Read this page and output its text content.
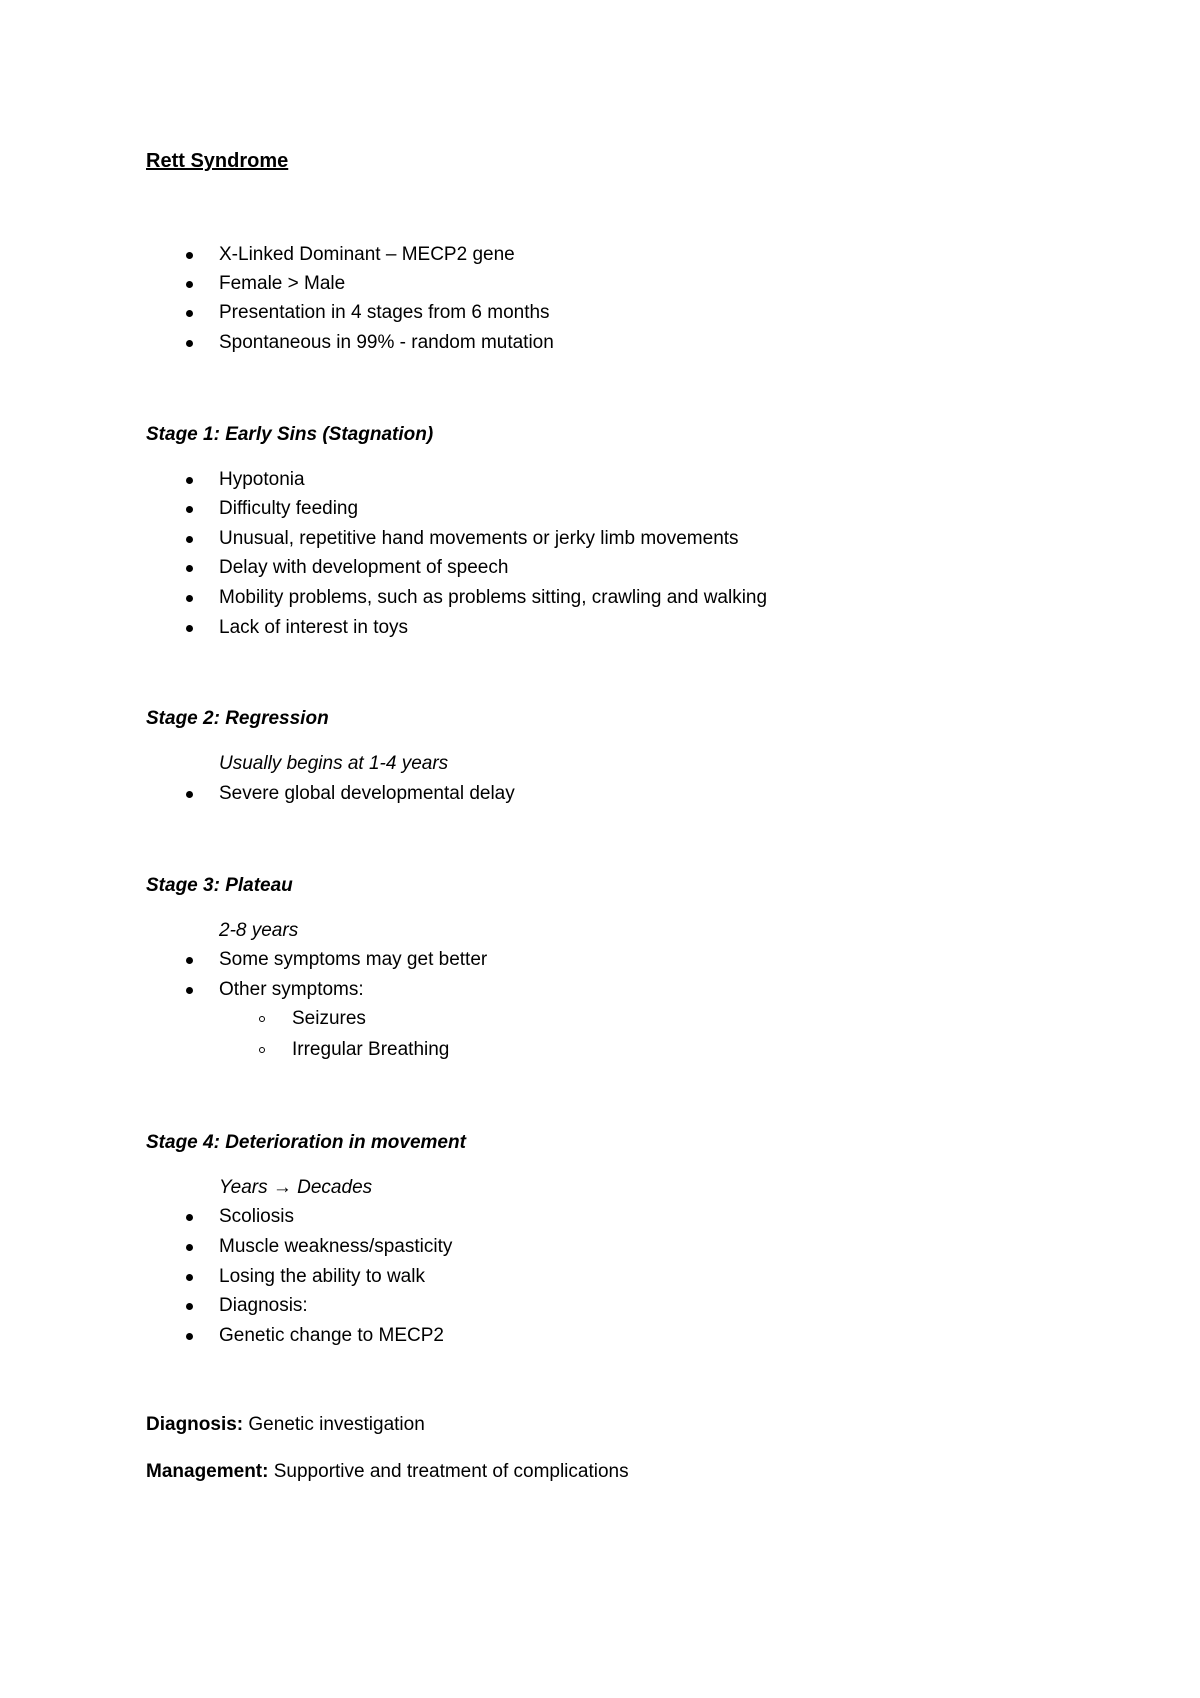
Rett Syndrome
X-Linked Dominant – MECP2 gene
Female > Male
Presentation in 4 stages from 6 months
Spontaneous in 99% - random mutation
Stage 1: Early Sins (Stagnation)
Hypotonia
Difficulty feeding
Unusual, repetitive hand movements or jerky limb movements
Delay with development of speech
Mobility problems, such as problems sitting, crawling and walking
Lack of interest in toys
Stage 2: Regression
Usually begins at 1-4 years
Severe global developmental delay
Stage 3: Plateau
2-8 years
Some symptoms may get better
Other symptoms:
Seizures
Irregular Breathing
Stage 4: Deterioration in movement
Years → Decades
Scoliosis
Muscle weakness/spasticity
Losing the ability to walk
Diagnosis:
Genetic change to MECP2
Diagnosis: Genetic investigation
Management: Supportive and treatment of complications
